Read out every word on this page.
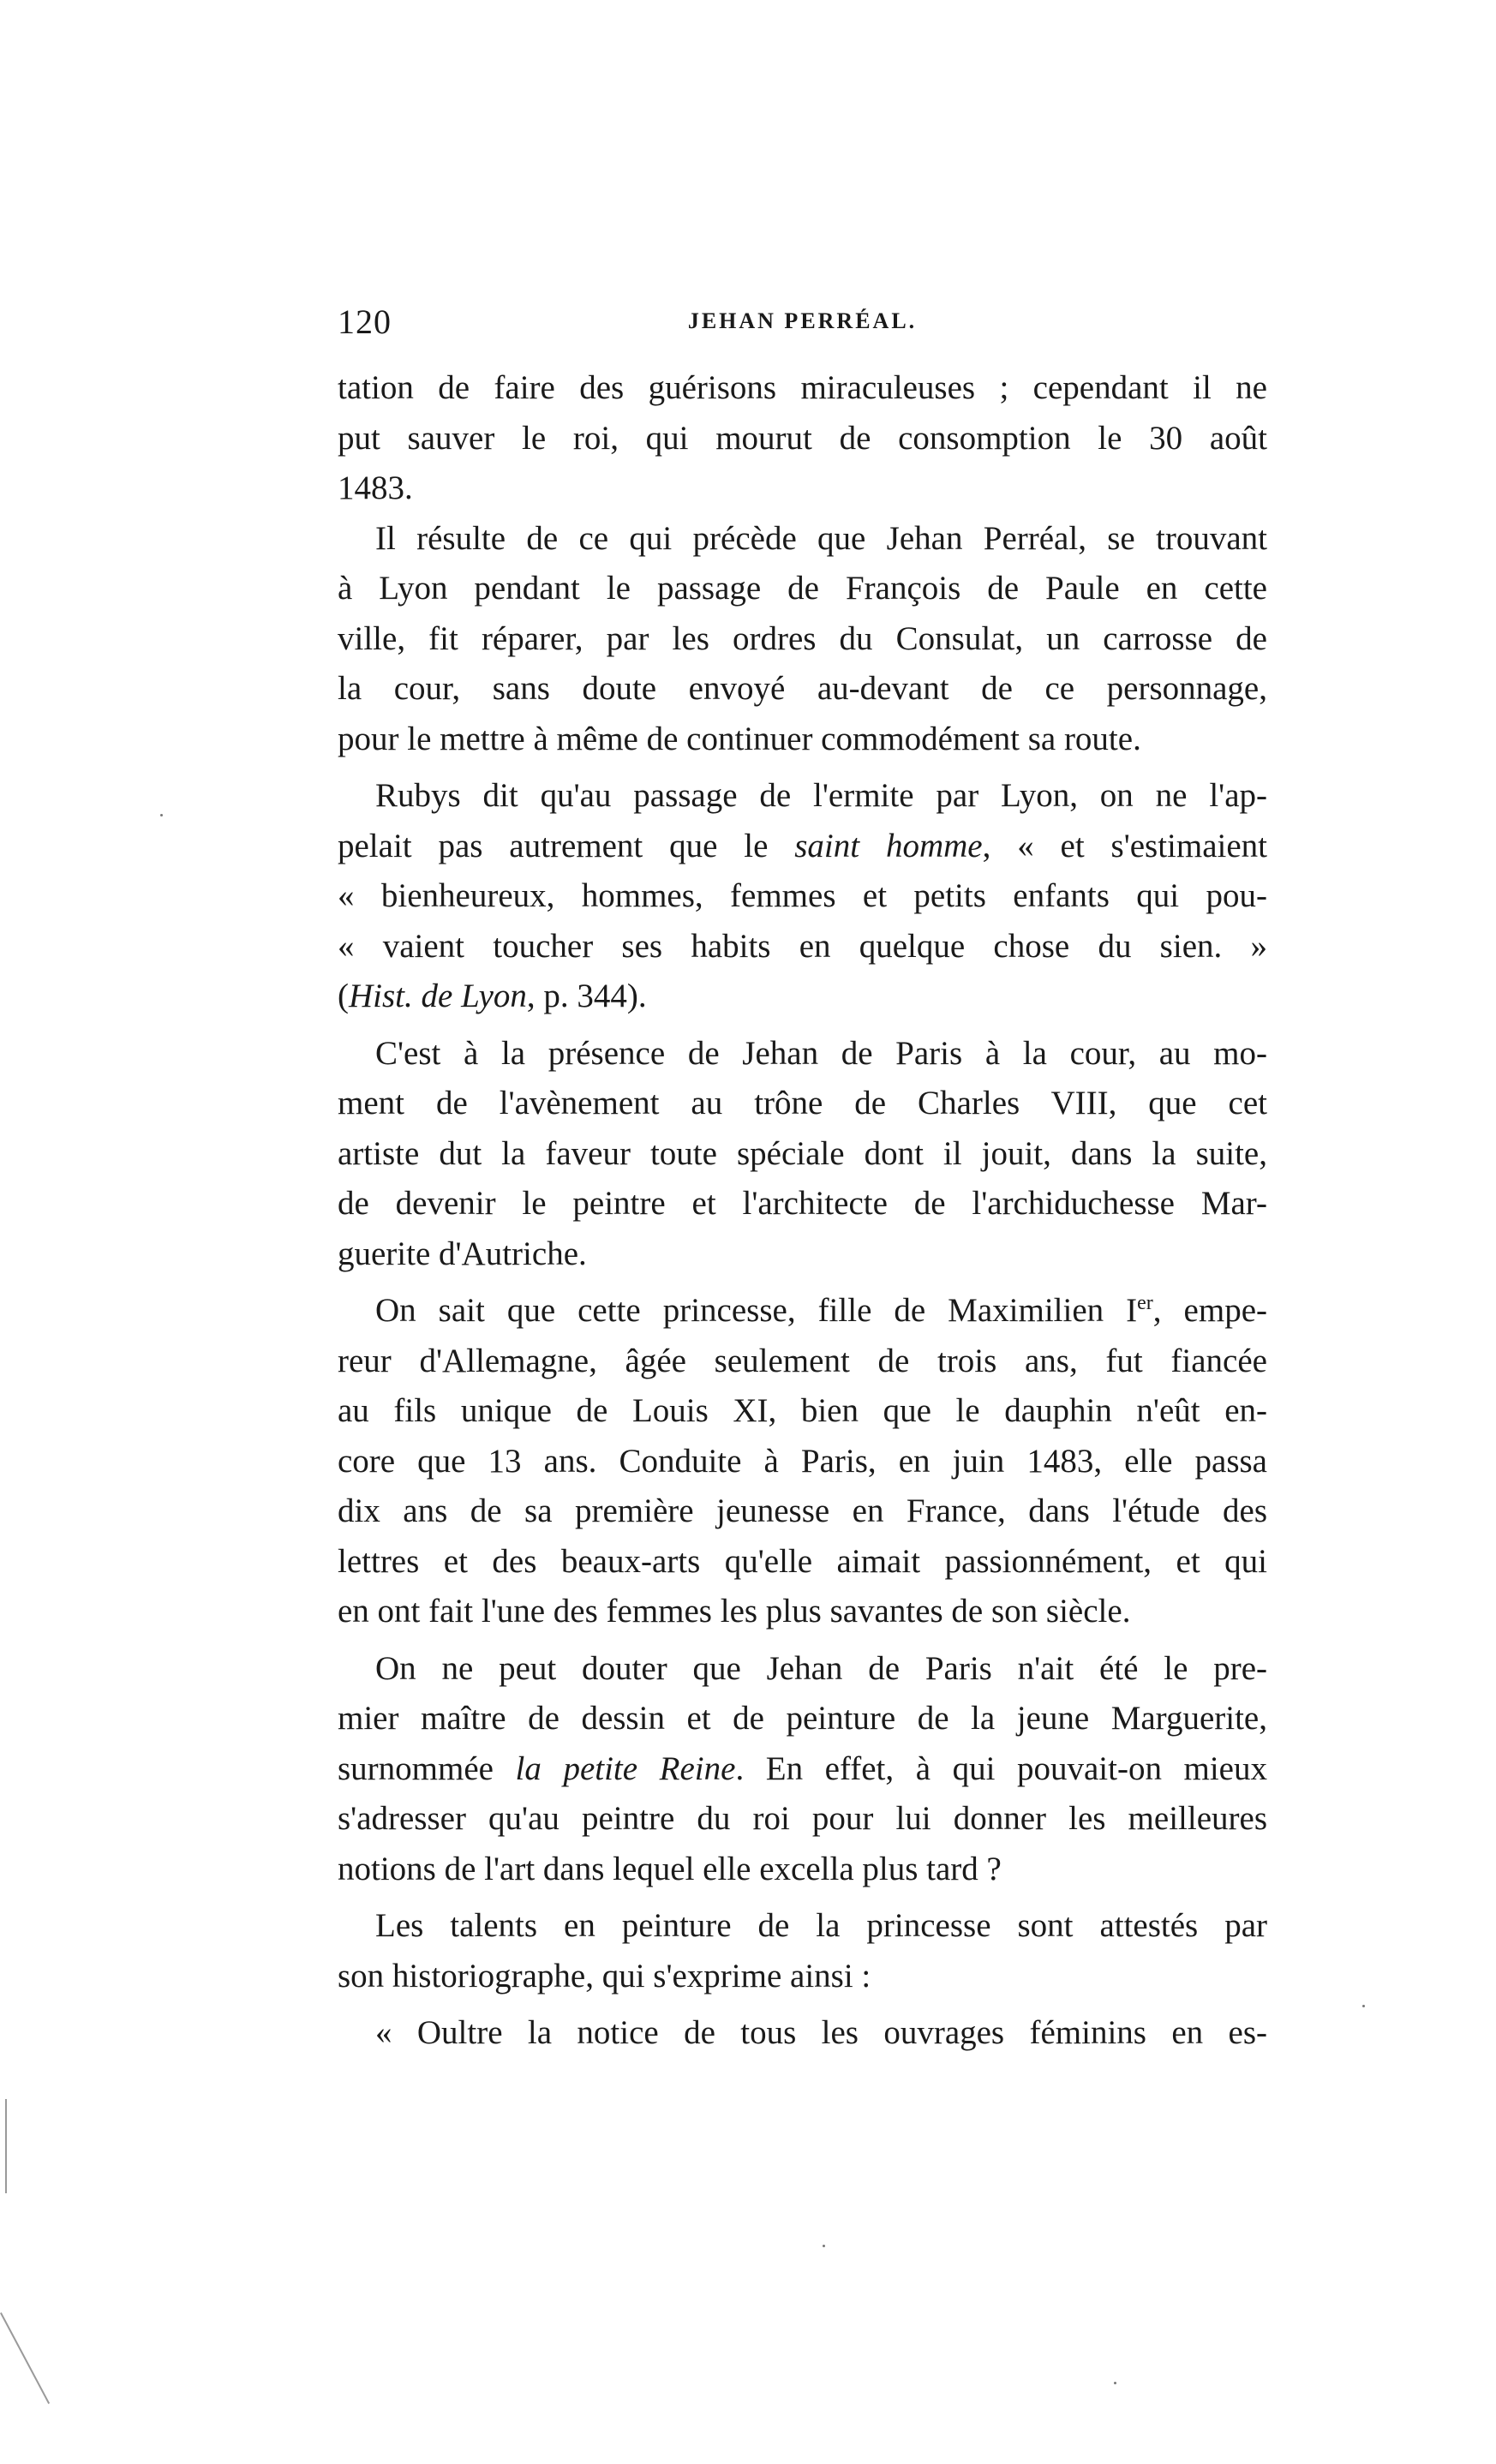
120	JEHAN PERRÉAL.
tation de faire des guérisons miraculeuses ; cependant il ne
put sauver le roi, qui mourut de consomption le 30 août
1483.
Il résulte de ce qui précède que Jehan Perréal, se trouvant
à Lyon pendant le passage de François de Paule en cette
ville, fit réparer, par les ordres du Consulat, un carrosse de
la cour, sans doute envoyé au-devant de ce personnage,
pour le mettre à même de continuer commodément sa route.
Rubys dit qu'au passage de l'ermite par Lyon, on ne l'ap-
pelait pas autrement que le saint homme, « et s'estimaient
« bienheureux, hommes, femmes et petits enfants qui pou-
« vaient toucher ses habits en quelque chose du sien. »
(Hist. de Lyon, p. 344).
C'est à la présence de Jehan de Paris à la cour, au mo-
ment de l'avènement au trône de Charles VIII, que cet
artiste dut la faveur toute spéciale dont il jouit, dans la suite,
de devenir le peintre et l'architecte de l'archiduchesse Mar-
guerite d'Autriche.
On sait que cette princesse, fille de Maximilien Ier, empe-
reur d'Allemagne, âgée seulement de trois ans, fut fiancée
au fils unique de Louis XI, bien que le dauphin n'eût en-
core que 13 ans. Conduite à Paris, en juin 1483, elle passa
dix ans de sa première jeunesse en France, dans l'étude des
lettres et des beaux-arts qu'elle aimait passionnément, et qui
en ont fait l'une des femmes les plus savantes de son siècle.
On ne peut douter que Jehan de Paris n'ait été le pre-
mier maître de dessin et de peinture de la jeune Marguerite,
surnommée la petite Reine. En effet, à qui pouvait-on mieux
s'adresser qu'au peintre du roi pour lui donner les meilleures
notions de l'art dans lequel elle excella plus tard ?
Les talents en peinture de la princesse sont attestés par
son historiographe, qui s'exprime ainsi :
« Oultre la notice de tous les ouvrages féminins en es-
